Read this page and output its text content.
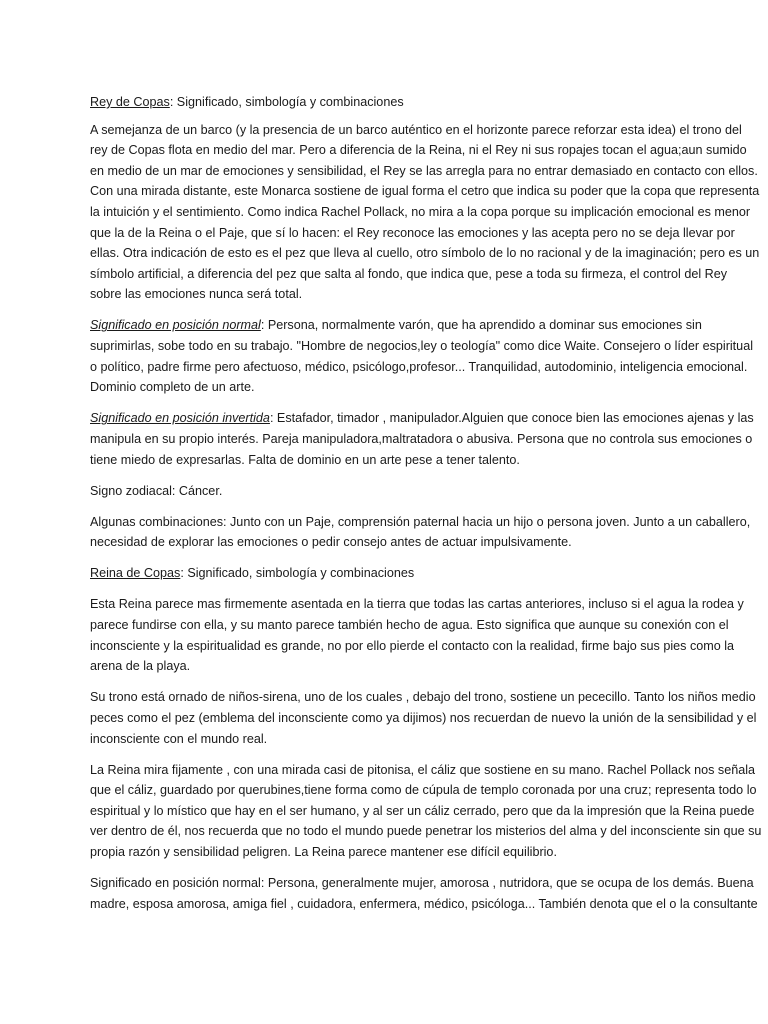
Rey de Copas: Significado, simbología y combinaciones

A semejanza de un barco (y la presencia de un barco auténtico en el horizonte parece reforzar esta idea) el trono del rey de Copas flota en medio del mar. Pero a diferencia de la Reina, ni el Rey ni sus ropajes tocan el agua;aun sumido en medio de un mar de emociones y sensibilidad, el Rey se las arregla para no entrar demasiado en contacto con ellos. Con una mirada distante, este Monarca sostiene de igual forma el cetro que indica su poder que la copa que representa la intuición y el sentimiento. Como indica Rachel Pollack, no mira a la copa porque su implicación emocional es menor que la de la Reina o el Paje, que sí lo hacen: el Rey reconoce las emociones y las acepta pero no se deja llevar por ellas. Otra indicación de esto es el pez que lleva al cuello, otro símbolo de lo no racional y de la imaginación; pero es un símbolo artificial, a diferencia del pez que salta al fondo, que indica que, pese a toda su firmeza, el control del Rey sobre las emociones nunca será total.

Significado en posición normal: Persona, normalmente varón, que ha aprendido a dominar sus emociones sin suprimirlas, sobe todo en su trabajo. "Hombre de negocios,ley o teología" como dice Waite. Consejero o líder espiritual o político, padre firme pero afectuoso, médico, psicólogo,profesor... Tranquilidad, autodominio, inteligencia emocional. Dominio completo de un arte.

Significado en posición invertida: Estafador, timador , manipulador.Alguien que conoce bien las emociones ajenas y las manipula en su propio interés. Pareja manipuladora,maltratadora o abusiva. Persona que no controla sus emociones o tiene miedo de expresarlas. Falta de dominio en un arte pese a tener talento.

Signo zodiacal: Cáncer.

Algunas combinaciones: Junto con un Paje, comprensión paternal hacia un hijo o persona joven. Junto a un caballero, necesidad de explorar las emociones o pedir consejo antes de actuar impulsivamente.

Reina de Copas: Significado, simbología y combinaciones

Esta Reina parece mas firmemente asentada en la tierra que todas las cartas anteriores, incluso si el agua la rodea y parece fundirse con ella, y su manto parece también hecho de agua. Esto significa que aunque su conexión con el inconsciente y la espiritualidad es grande, no por ello pierde el contacto con la realidad, firme bajo sus pies como la arena de la playa.

Su trono está ornado de niños-sirena, uno de los cuales , debajo del trono, sostiene un pececillo. Tanto los niños medio peces como el pez (emblema del inconsciente como ya dijimos) nos recuerdan de nuevo la unión de la sensibilidad y el inconsciente con el mundo real.

La Reina mira fijamente , con una mirada casi de pitonisa, el cáliz que sostiene en su mano. Rachel Pollack nos señala que el cáliz, guardado por querubines,tiene forma como de cúpula de templo coronada por una cruz; representa todo lo espiritual y lo místico que hay en el ser humano, y al ser un cáliz cerrado, pero que da la impresión que la Reina puede ver dentro de él, nos recuerda que no todo el mundo puede penetrar los misterios del alma y del inconsciente sin que su propia razón y sensibilidad peligren. La Reina parece mantener ese difícil equilibrio.

Significado en posición normal: Persona, generalmente mujer, amorosa , nutridora, que se ocupa de los demás. Buena madre, esposa amorosa, amiga fiel , cuidadora, enfermera, médico, psicóloga... También denota que el o la consultante
